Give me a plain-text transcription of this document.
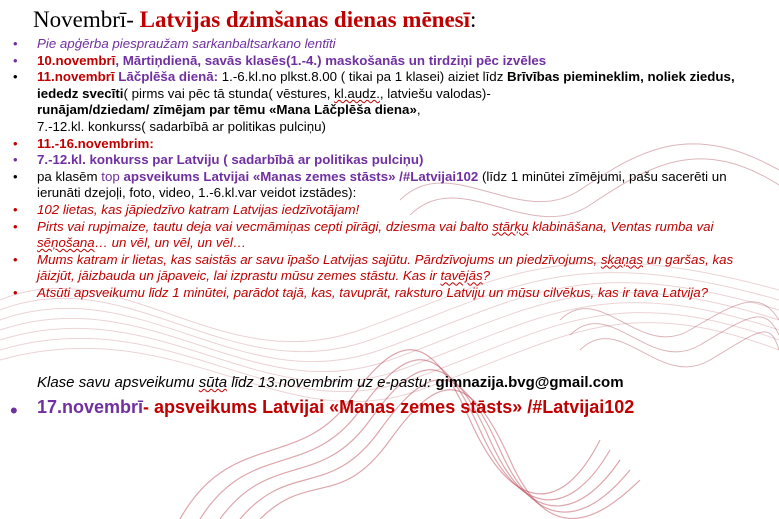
Novembrī- Latvijas dzimšanas dienas mēnesī:
• Pie apģērba piespraužam sarkanbaltsarkano lentīti
• 10.novembrī, Mārtiņdienā, savās klasēs(1.-4.) maskošanās un tirdziņi pēc izvēles
• 11.novembrī Lāčplēša dienā: 1.-6.kl.no plkst.8.00 ( tikai pa 1 klasei) aiziet līdz Brīvības piemineklim, noliek ziedus, iededz svecīti( pirms vai pēc tā stunda( vēstures, kl.audz., latviešu valodas)-
runājam/dziedam/ zīmējam par tēmu «Mana Lāčplēša diena»,
7.-12.kl. konkurss( sadarbībā ar politikas pulciņu)
• 11.-16.novembrim:
• 7.-12.kl. konkurss par Latviju ( sadarbībā ar politikas pulciņu)
• pa klasēm top apsveikums Latvijai «Manas zemes stāsts» /#Latvijai102 (līdz 1 minūtei zīmējumi, pašu sacerēti un ierunāti dzejoļi, foto, video, 1.-6.kl.var veidot izstādes):
• 102 lietas, kas jāpiedzīvo katram Latvijas iedzīvotājam!
• Pirts vai rupjmaize, tautu deja vai vecmāmiņas cepti pīrāgi, dziesma vai balto stārķu klabināšana, Ventas rumba vai sēņošana… un vēl, un vēl, un vēl…
• Mums katram ir lietas, kas saistās ar savu īpašo Latvijas sajūtu. Pārdzīvojums un piedzīvojums, skaņas un garšas, kas jāizjūt, jāizbauda un jāpaveic, lai izprastu mūsu zemes stāstu. Kas ir tavējās?
• Atsūti apsveikumu līdz 1 minūtei, parādot tajā, kas, tavuprāt, raksturo Latviju un mūsu cilvēkus, kas ir tava Latvija?
Klase savu apsveikumu sūta līdz 13.novembrim uz e-pastu: gimnazija.bvg@gmail.com
• 17.novembrī- apsveikums Latvijai «Manas zemes stāsts» /#Latvijai102
